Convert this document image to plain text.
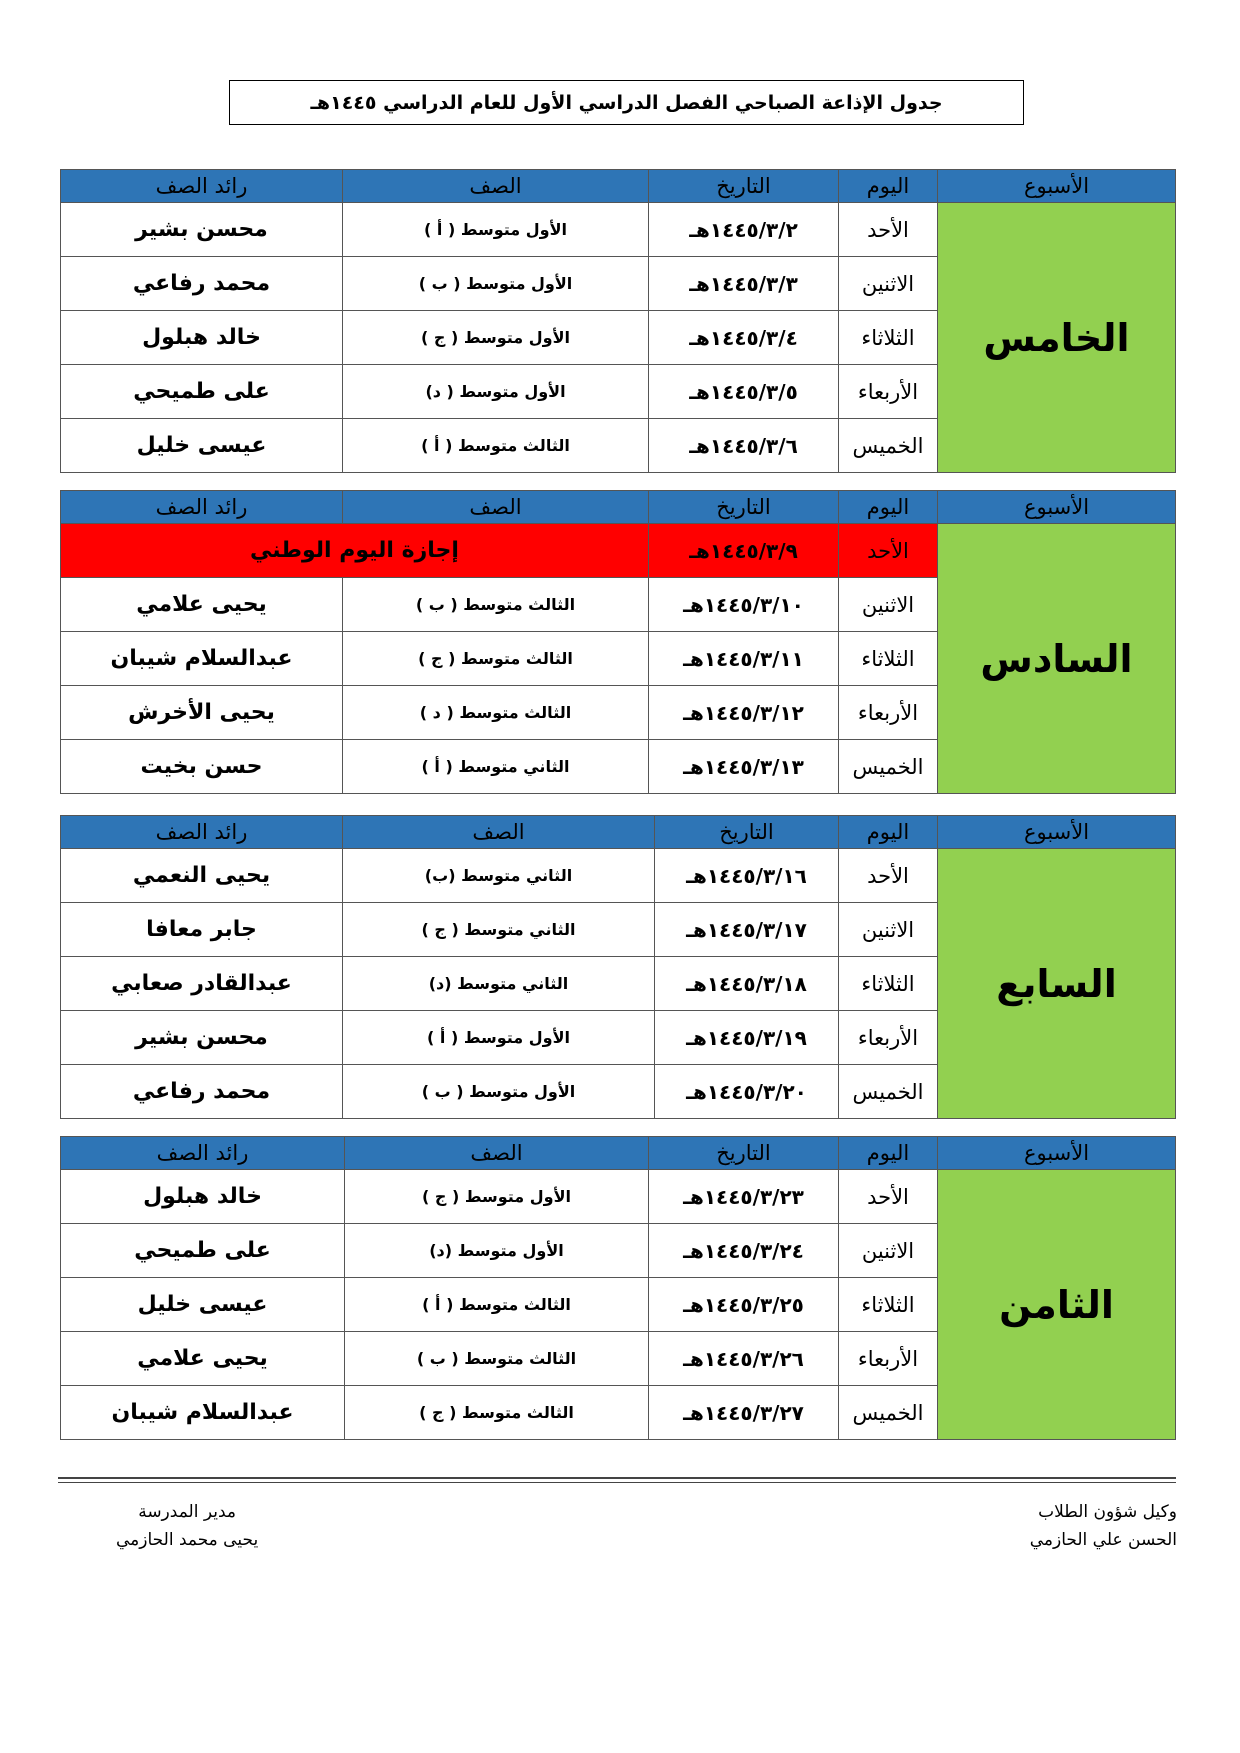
جدول الإذاعة الصباحي الفصل الدراسي الأول للعام الدراسي ١٤٤٥هـ
الأسبوع	اليوم	التاريخ	الصف	رائد الصف
الخامس	الأحد	١٤٤٥/٣/٢هـ	الأول متوسط ( أ )	محسن بشير
	الاثنين	١٤٤٥/٣/٣هـ	الأول متوسط ( ب )	محمد رفاعي
	الثلاثاء	١٤٤٥/٣/٤هـ	الأول متوسط ( ج )	خالد هبلول
	الأربعاء	١٤٤٥/٣/٥هـ	الأول متوسط ( د)	على طميحي
	الخميس	١٤٤٥/٣/٦هـ	الثالث متوسط ( أ )	عيسى خليل
الأسبوع	اليوم	التاريخ	الصف	رائد الصف
السادس	الأحد	١٤٤٥/٣/٩هـ	إجازة اليوم الوطني	
	الاثنين	١٤٤٥/٣/١٠هـ	الثالث متوسط ( ب )	يحيى علامي
	الثلاثاء	١٤٤٥/٣/١١هـ	الثالث متوسط ( ج )	عبدالسلام شيبان
	الأربعاء	١٤٤٥/٣/١٢هـ	الثالث متوسط ( د )	يحيى الأخرش
	الخميس	١٤٤٥/٣/١٣هـ	الثاني متوسط ( أ )	حسن بخيت
الأسبوع	اليوم	التاريخ	الصف	رائد الصف
السابع	الأحد	١٤٤٥/٣/١٦هـ	الثاني متوسط (ب)	يحيى النعمي
	الاثنين	١٤٤٥/٣/١٧هـ	الثاني متوسط ( ج )	جابر معافا
	الثلاثاء	١٤٤٥/٣/١٨هـ	الثاني متوسط (د)	عبدالقادر صعابي
	الأربعاء	١٤٤٥/٣/١٩هـ	الأول متوسط ( أ )	محسن بشير
	الخميس	١٤٤٥/٣/٢٠هـ	الأول متوسط ( ب )	محمد رفاعي
الأسبوع	اليوم	التاريخ	الصف	رائد الصف
الثامن	الأحد	١٤٤٥/٣/٢٣هـ	الأول متوسط ( ج )	خالد هبلول
	الاثنين	١٤٤٥/٣/٢٤هـ	الأول متوسط (د)	على طميحي
	الثلاثاء	١٤٤٥/٣/٢٥هـ	الثالث متوسط ( أ )	عيسى خليل
	الأربعاء	١٤٤٥/٣/٢٦هـ	الثالث متوسط ( ب )	يحيى علامي
	الخميس	١٤٤٥/٣/٢٧هـ	الثالث متوسط ( ج )	عبدالسلام شيبان
وكيل شؤون الطلاب
الحسن علي الحازمي
مدير المدرسة
يحيى محمد الحازمي
